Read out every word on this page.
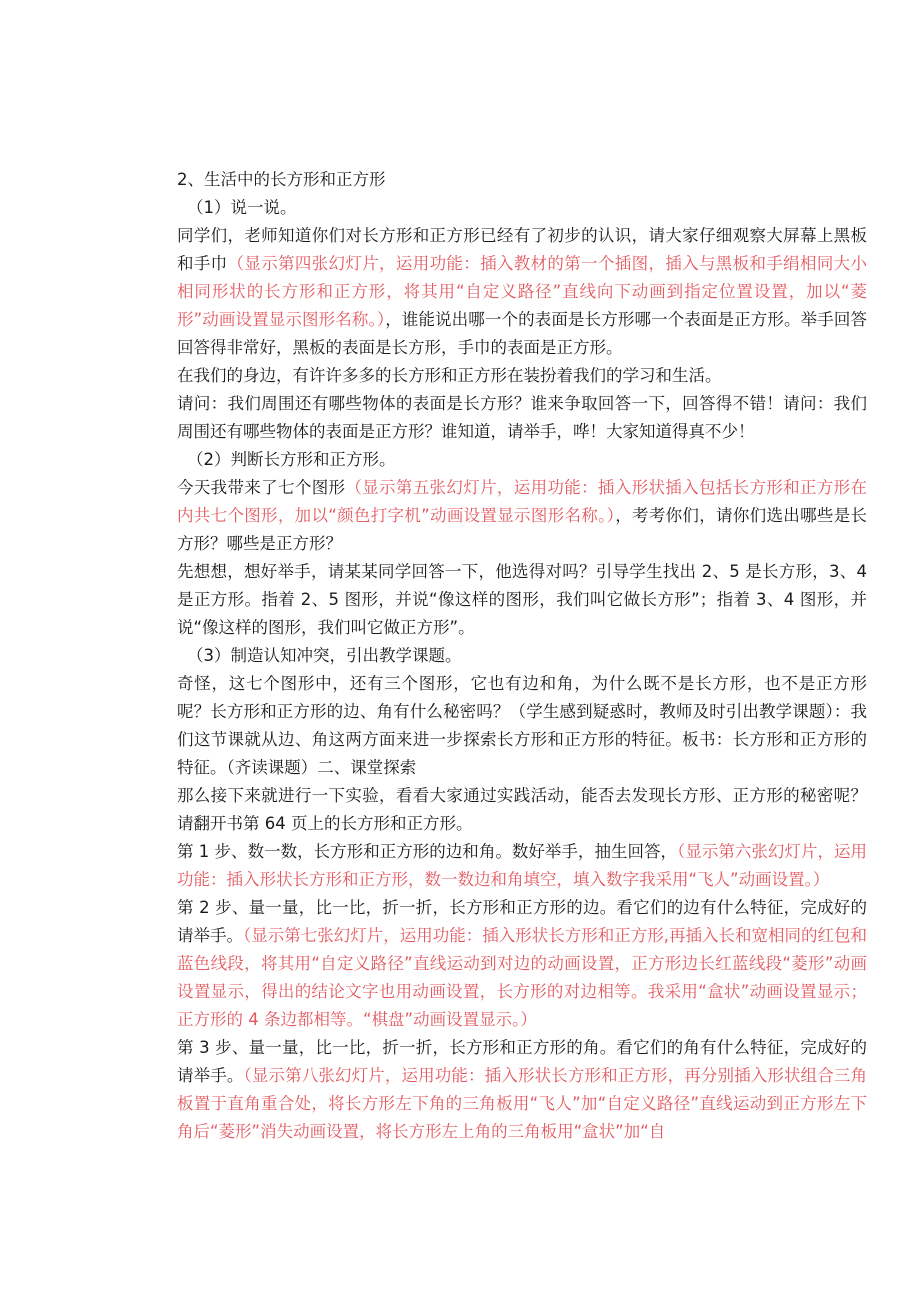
2、生活中的长方形和正方形

（1）说一说。

同学们，老师知道你们对长方形和正方形已经有了初步的认识，请大家仔细观察大屏幕上黑板和手巾（显示第四张幻灯片，运用功能：插入教材的第一个插图，插入与黑板和手绢相同大小相同形状的长方形和正方形，将其用“自定义路径”直线向下动画到指定位置设置，加以“菱形”动画设置显示图形名称。），谁能说出哪一个的表面是长方形哪一个表面是正方形。举手回答回答得非常好，黑板的表面是长方形，手巾的表面是正方形。

在我们的身边，有许许多多的长方形和正方形在装扮着我们的学习和生活。

请问：我们周围还有哪些物体的表面是长方形？谁来争取回答一下，回答得不错！请问：我们周围还有哪些物体的表面是正方形？谁知道，请举手，哗！大家知道得真不少！

（2）判断长方形和正方形。

今天我带来了七个图形（显示第五张幻灯片，运用功能：插入形状插入包括长方形和正方形在内共七个图形，加以“颜色打字机”动画设置显示图形名称。），考考你们，请你们选出哪些是长方形？哪些是正方形？

先想想，想好举手，请某某同学回答一下，他选得对吗？引导学生找出 2、5 是长方形，3、4 是正方形。指着 2、5 图形，并说“像这样的图形，我们叫它做长方形”；指着 3、4 图形，并说“像这样的图形，我们叫它做正方形”。

（3）制造认知冲突，引出教学课题。

奇怪，这七个图形中，还有三个图形，它也有边和角，为什么既不是长方形，也不是正方形呢？长方形和正方形的边、角有什么秘密吗？（学生感到疑惑时，教师及时引出教学课题）：我们这节课就从边、角这两方面来进一步探索长方形和正方形的特征。板书：长方形和正方形的特征。（齐读课题）二、课堂探索

那么接下来就进行一下实验，看看大家通过实践活动，能否去发现长方形、正方形的秘密呢？请翻开书第 64 页上的长方形和正方形。

第 1 步、数一数，长方形和正方形的边和角。数好举手，抽生回答，（显示第六张幻灯片，运用功能：插入形状长方形和正方形，数一数边和角填空，填入数字我采用“飞人”动画设置。）

第 2 步、量一量，比一比，折一折，长方形和正方形的边。看它们的边有什么特征，完成好的请举手。（显示第七张幻灯片，运用功能：插入形状长方形和正方形,再插入长和宽相同的红包和蓝色线段，将其用“自定义路径”直线运动到对边的动画设置，正方形边长红蓝线段“菱形”动画设置显示，得出的结论文字也用动画设置，长方形的对边相等。我采用“盒状”动画设置显示；正方形的 4 条边都相等。“棋盘”动画设置显示。）

第 3 步、量一量，比一比，折一折，长方形和正方形的角。看它们的角有什么特征，完成好的请举手。（显示第八张幻灯片，运用功能：插入形状长方形和正方形，再分别插入形状组合三角板置于直角重合处，将长方形左下角的三角板用“飞人”加“自定义路径”直线运动到正方形左下角后“菱形”消失动画设置，将长方形左上角的三角板用“盒状”加“自
